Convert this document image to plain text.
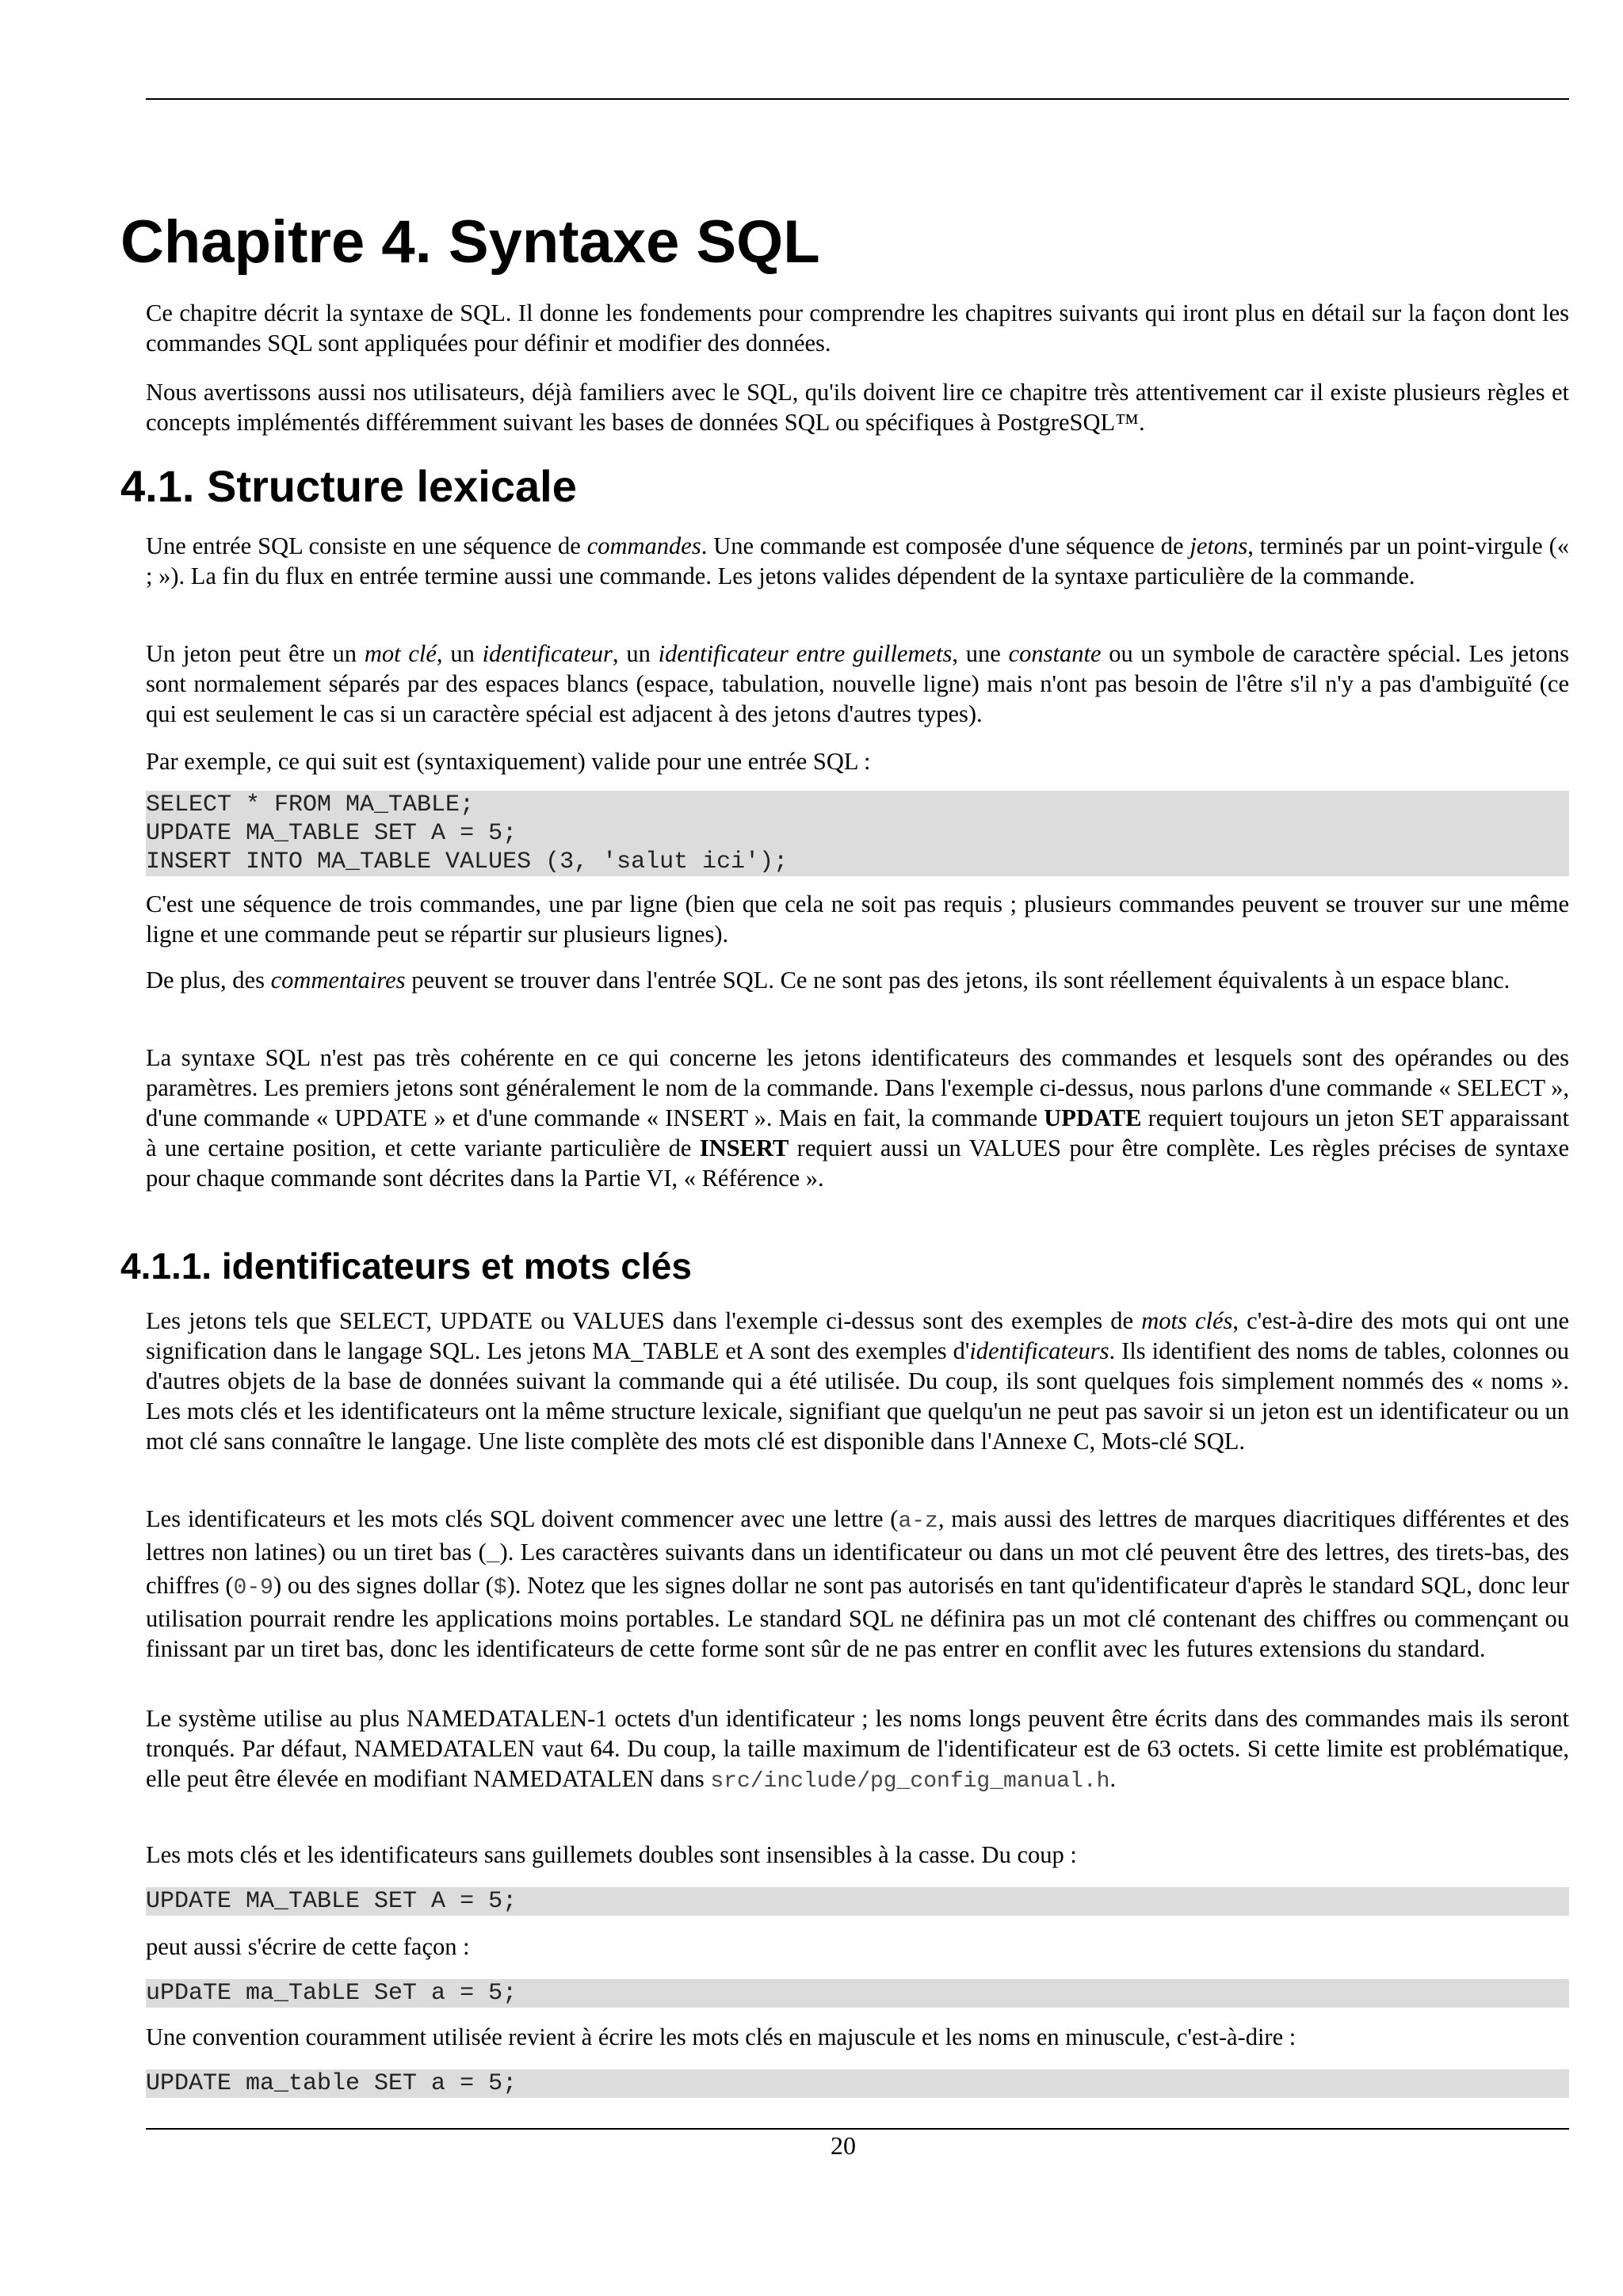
Chapitre 4. Syntaxe SQL

Ce chapitre décrit la syntaxe de SQL. Il donne les fondements pour comprendre les chapitres suivants qui iront plus en détail sur la façon dont les commandes SQL sont appliquées pour définir et modifier des données.

Nous avertissons aussi nos utilisateurs, déjà familiers avec le SQL, qu'ils doivent lire ce chapitre très attentivement car il existe plusieurs règles et concepts implémentés différemment suivant les bases de données SQL ou spécifiques à PostgreSQL™.

4.1. Structure lexicale

Une entrée SQL consiste en une séquence de commandes. Une commande est composée d'une séquence de jetons, terminés par un point-virgule (« ; »). La fin du flux en entrée termine aussi une commande. Les jetons valides dépendent de la syntaxe particulière de la commande.

Un jeton peut être un mot clé, un identificateur, un identificateur entre guillemets, une constante ou un symbole de caractère spécial. Les jetons sont normalement séparés par des espaces blancs (espace, tabulation, nouvelle ligne) mais n'ont pas besoin de l'être s'il n'y a pas d'ambiguïté (ce qui est seulement le cas si un caractère spécial est adjacent à des jetons d'autres types).

Par exemple, ce qui suit est (syntaxiquement) valide pour une entrée SQL :

SELECT * FROM MA_TABLE;
UPDATE MA_TABLE SET A = 5;
INSERT INTO MA_TABLE VALUES (3, 'salut ici');

C'est une séquence de trois commandes, une par ligne (bien que cela ne soit pas requis ; plusieurs commandes peuvent se trouver sur une même ligne et une commande peut se répartir sur plusieurs lignes).

De plus, des commentaires peuvent se trouver dans l'entrée SQL. Ce ne sont pas des jetons, ils sont réellement équivalents à un espace blanc.

La syntaxe SQL n'est pas très cohérente en ce qui concerne les jetons identificateurs des commandes et lesquels sont des opérandes ou des paramètres. Les premiers jetons sont généralement le nom de la commande. Dans l'exemple ci-dessus, nous parlons d'une commande « SELECT », d'une commande « UPDATE » et d'une commande « INSERT ». Mais en fait, la commande UPDATE requiert toujours un jeton SET apparaissant à une certaine position, et cette variante particulière de INSERT requiert aussi un VALUES pour être complète. Les règles précises de syntaxe pour chaque commande sont décrites dans la Partie VI, « Référence ».

4.1.1. identificateurs et mots clés

Les jetons tels que SELECT, UPDATE ou VALUES dans l'exemple ci-dessus sont des exemples de mots clés, c'est-à-dire des mots qui ont une signification dans le langage SQL. Les jetons MA_TABLE et A sont des exemples d'identificateurs. Ils identifient des noms de tables, colonnes ou d'autres objets de la base de données suivant la commande qui a été utilisée. Du coup, ils sont quelques fois simplement nommés des « noms ». Les mots clés et les identificateurs ont la même structure lexicale, signifiant que quelqu'un ne peut pas savoir si un jeton est un identificateur ou un mot clé sans connaître le langage. Une liste complète des mots clé est disponible dans l'Annexe C, Mots-clé SQL.

Les identificateurs et les mots clés SQL doivent commencer avec une lettre (a-z, mais aussi des lettres de marques diacritiques différentes et des lettres non latines) ou un tiret bas (_). Les caractères suivants dans un identificateur ou dans un mot clé peuvent être des lettres, des tirets-bas, des chiffres (0-9) ou des signes dollar ($). Notez que les signes dollar ne sont pas autorisés en tant qu'identificateur d'après le standard SQL, donc leur utilisation pourrait rendre les applications moins portables. Le standard SQL ne définira pas un mot clé contenant des chiffres ou commençant ou finissant par un tiret bas, donc les identificateurs de cette forme sont sûr de ne pas entrer en conflit avec les futures extensions du standard.

Le système utilise au plus NAMEDATALEN-1 octets d'un identificateur ; les noms longs peuvent être écrits dans des commandes mais ils seront tronqués. Par défaut, NAMEDATALEN vaut 64. Du coup, la taille maximum de l'identificateur est de 63 octets. Si cette limite est problématique, elle peut être élevée en modifiant NAMEDATALEN dans src/include/pg_config_manual.h.

Les mots clés et les identificateurs sans guillemets doubles sont insensibles à la casse. Du coup :

UPDATE MA_TABLE SET A = 5;

peut aussi s'écrire de cette façon :

uPDaTE ma_TabLE SeT a = 5;

Une convention couramment utilisée revient à écrire les mots clés en majuscule et les noms en minuscule, c'est-à-dire :

UPDATE ma_table SET a = 5;
20
